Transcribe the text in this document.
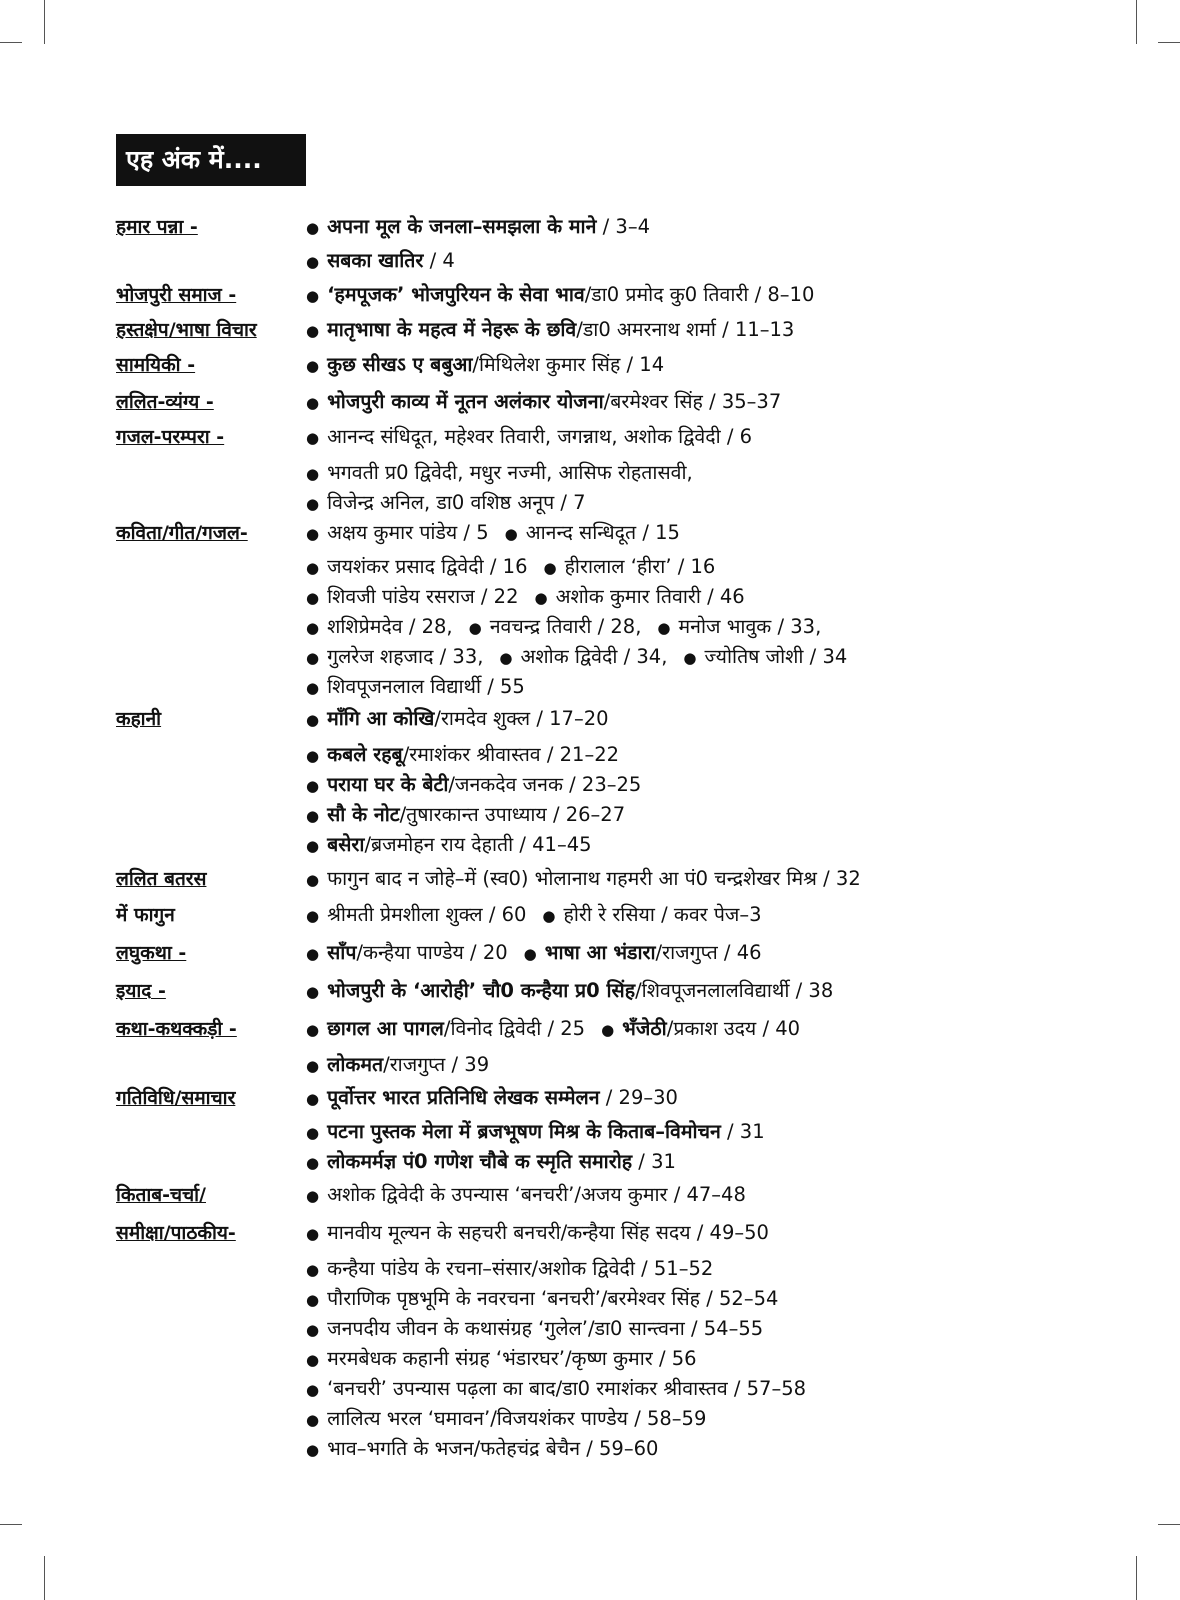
एह अंक में....
हमार पन्ना -	● अपना मूल के जनला–समझला के माने / 3–4
● सबका खातिर / 4
भोजपुरी समाज -	● ‘हमपूजक’ भोजपुरियन के सेवा भाव/डा0 प्रमोद कु0 तिवारी / 8–10
हस्तक्षेप/भाषा विचार	● मातृभाषा के महत्व में नेहरू के छवि/डा0 अमरनाथ शर्मा / 11–13
सामयिकी -	● कुछ सीखऽ ए बबुआ/मिथिलेश कुमार सिंह / 14
ललित-व्यंग्य -	● भोजपुरी काव्य में नूतन अलंकार योजना/बरमेश्वर सिंह / 35–37
गजल-परम्परा -	● आनन्द संधिदूत, महेश्वर तिवारी, जगन्नाथ, अशोक द्विवेदी / 6
● भगवती प्र0 द्विवेदी, मधुर नज्मी, आसिफ रोहतासवी,
● विजेन्द्र अनिल, डा0 वशिष्ठ अनूप / 7
कविता/गीत/गजल-	● अक्षय कुमार पांडेय / 5 ● आनन्द सन्धिदूत / 15
● जयशंकर प्रसाद द्विवेदी / 16 ● हीरालाल ‘हीरा’ / 16
● शिवजी पांडेय रसराज / 22 ● अशोक कुमार तिवारी / 46
● शशिप्रेमदेव / 28, ● नवचन्द्र तिवारी / 28, ● मनोज भावुक / 33,
● गुलरेज शहजाद / 33, ● अशोक द्विवेदी / 34, ● ज्योतिष जोशी / 34
● शिवपूजनलाल विद्यार्थी / 55
कहानी	● माँगि आ कोखि/रामदेव शुक्ल / 17–20
● कबले रहबू/रमाशंकर श्रीवास्तव / 21–22
● पराया घर के बेटी/जनकदेव जनक / 23–25
● सौ के नोट/तुषारकान्त उपाध्याय / 26–27
● बसेरा/ब्रजमोहन राय देहाती / 41–45
ललित बतरस	● फागुन बाद न जोहे–में (स्व0) भोलानाथ गहमरी आ पं0 चन्द्रशेखर मिश्र / 32
में फागुन	● श्रीमती प्रेमशीला शुक्ल / 60 ● होरी रे रसिया / कवर पेज–3
लघुकथा -	● साँप/कन्हैया पाण्डेय / 20 ● भाषा आ भंडारा/राजगुप्त / 46
इयाद -	● भोजपुरी के ‘आरोही’ चौ0 कन्हैया प्र0 सिंह/शिवपूजनलालविद्यार्थी / 38
कथा-कथक्कड़ी -	● छागल आ पागल/विनोद द्विवेदी / 25 ● भँजेठी/प्रकाश उदय / 40
● लोकमत/राजगुप्त / 39
गतिविधि/समाचार	● पूर्वोत्तर भारत प्रतिनिधि लेखक सम्मेलन / 29–30
● पटना पुस्तक मेला में ब्रजभूषण मिश्र के किताब–विमोचन / 31
● लोकमर्मज्ञ पं0 गणेश चौबे क स्मृति समारोह / 31
किताब-चर्चा/	● अशोक द्विवेदी के उपन्यास ‘बनचरी’/अजय कुमार / 47–48
समीक्षा/पाठकीय-	● मानवीय मूल्यन के सहचरी बनचरी/कन्हैया सिंह सदय / 49–50
● कन्हैया पांडेय के रचना–संसार/अशोक द्विवेदी / 51–52
● पौराणिक पृष्ठभूमि के नवरचना ‘बनचरी’/बरमेश्वर सिंह / 52–54
● जनपदीय जीवन के कथासंग्रह ‘गुलेल’/डा0 सान्त्वना / 54–55
● मरमबेधक कहानी संग्रह ‘भंडारघर’/कृष्ण कुमार / 56
● ‘बनचरी’ उपन्यास पढ़ला का बाद/डा0 रमाशंकर श्रीवास्तव / 57–58
● लालित्य भरल ‘घमावन’/विजयशंकर पाण्डेय / 58–59
● भाव–भगति के भजन/फतेहचंद्र बेचैन / 59–60
